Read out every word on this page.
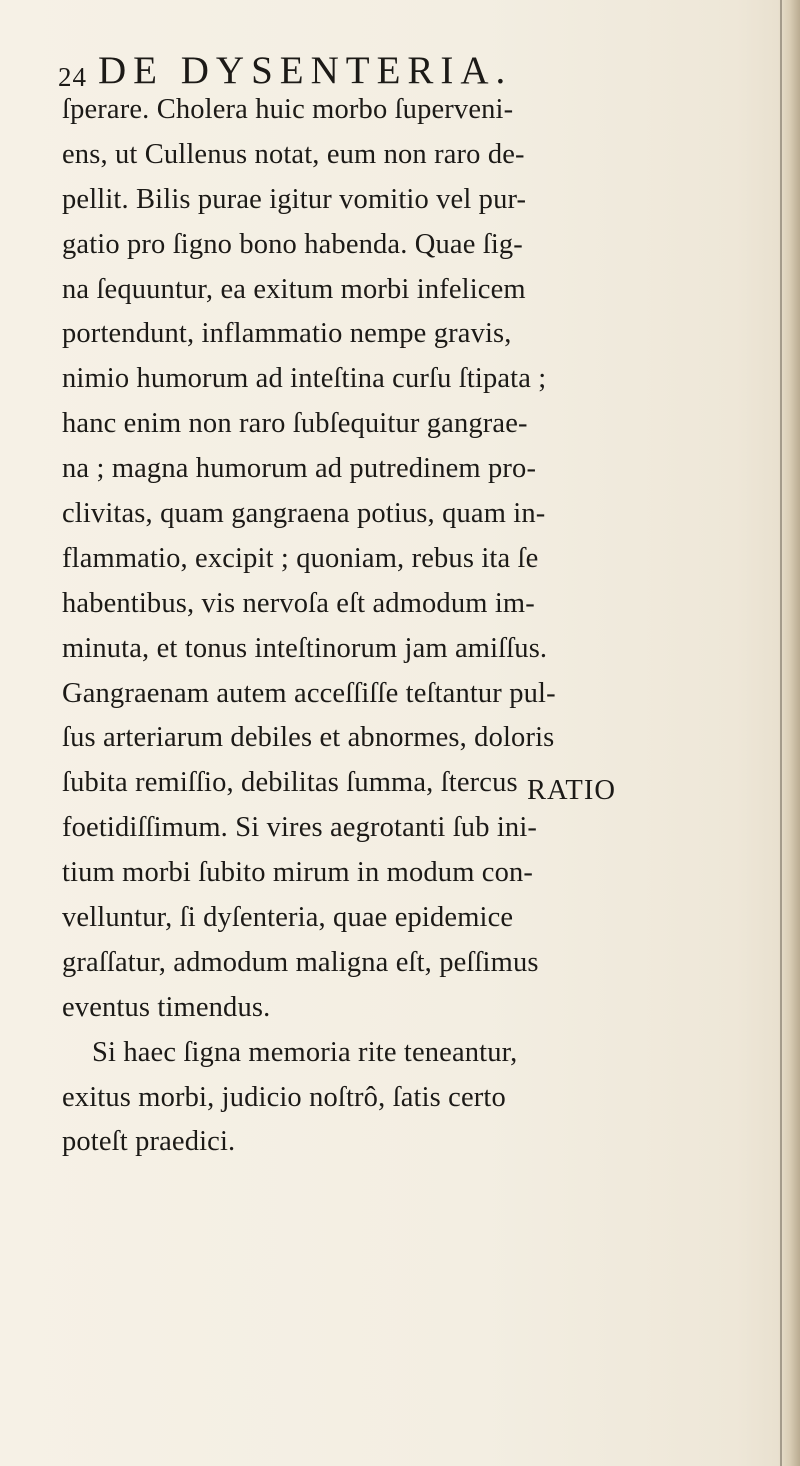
24 DE DYSENTERIA.
ſperare. Cholera huic morbo ſuperveni-
ens, ut Cullenus notat, eum non raro de-
pellit. Bilis purae igitur vomitio vel pur-
gatio pro ſigno bono habenda. Quae ſig-
na ſequuntur, ea exitum morbi infelicem
portendunt, inflammatio nempe gravis,
nimio humorum ad inteſtina curſu ſtipata ;
hanc enim non raro ſubſequitur gangrae-
na ; magna humorum ad putredinem pro-
clivitas, quam gangraena potius, quam in-
flammatio, excipit ; quoniam, rebus ita ſe
habentibus, vis nervoſa eſt admodum im-
minuta, et tonus inteſtinorum jam amiſſus.
Gangraenam autem acceſſiſſe teſtantur pul-
ſus arteriarum debiles et abnormes, doloris
ſubita remiſſio, debilitas ſumma, ſtercus
foetidiſſimum. Si vires aegrotanti ſub ini-
tium morbi ſubito mirum in modum con-
velluntur, ſi dyſenteria, quae epidemice
graſſatur, admodum maligna eſt, peſſimus
eventus timendus.
Si haec ſigna memoria rite teneantur,
exitus morbi, judicio noſtrô, ſatis certo
poteſt praedici.
RATIO
